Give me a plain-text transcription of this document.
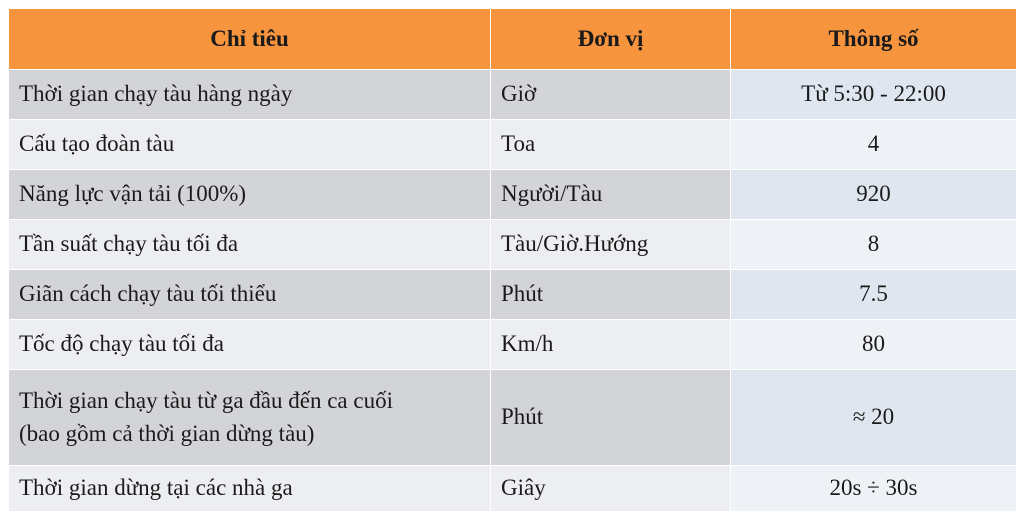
Chỉ tiêu	Đơn vị	Thông số
Thời gian chạy tàu hàng ngày	Giờ	Từ 5:30 - 22:00
Cấu tạo đoàn tàu	Toa	4
Năng lực vận tải (100%)	Người/Tàu	920
Tần suất chạy tàu tối đa	Tàu/Giờ.Hướng	8
Giãn cách chạy tàu tối thiểu	Phút	7.5
Tốc độ chạy tàu tối đa	Km/h	80

Thời gian chạy tàu từ ga đầu đến ca cuối
(bao gồm cả thời gian dừng tàu)	Phút	≈ 20
Thời gian dừng tại các nhà ga	Giây	20s ÷ 30s
